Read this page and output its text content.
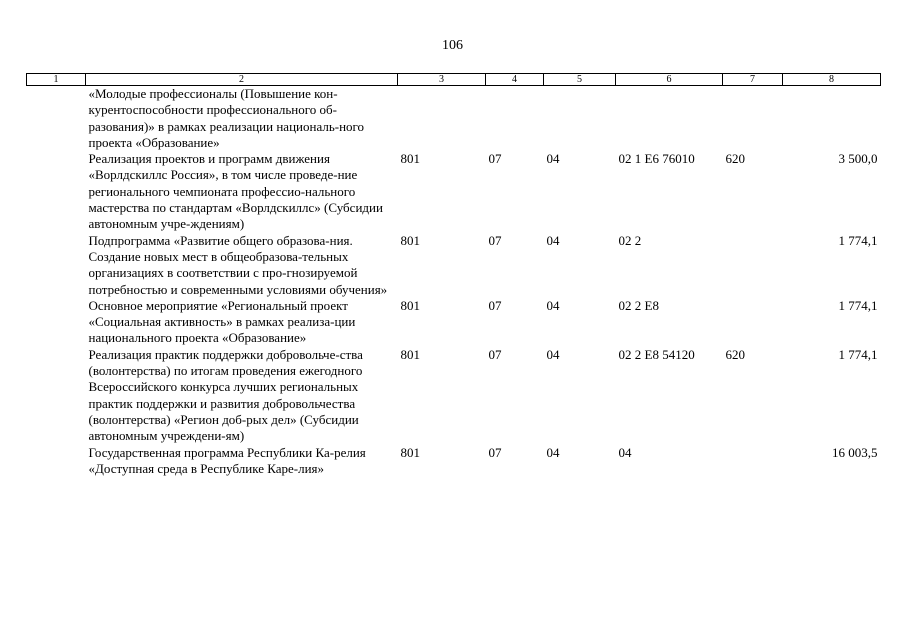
106
1	2	3	4	5	6	7	8
	«Молодые профессионалы (Повышение кон-курентоспособности профессионального об-разования)» в рамках реализации националь-ного проекта «Образование»						
	Реализация проектов и программ движения «Ворлдскиллс Россия», в том числе проведе-ние регионального чемпионата профессио-нального мастерства по стандартам «Ворлдскиллс» (Субсидии автономным учре-ждениям)	801	07	04	02 1 E6 76010	620	3 500,0
	Подпрограмма «Развитие общего образова-ния. Создание новых мест в общеобразова-тельных организациях в соответствии с про-гнозируемой потребностью и современными условиями обучения»	801	07	04	02 2		1 774,1
	Основное мероприятие «Региональный проект «Социальная активность» в рамках реализа-ции национального проекта «Образование»	801	07	04	02 2 E8		1 774,1
	Реализация практик поддержки добровольче-ства (волонтерства) по итогам проведения ежегодного Всероссийского конкурса лучших региональных практик поддержки и развития добровольчества (волонтерства) «Регион доб-рых дел» (Субсидии автономным учреждени-ям)	801	07	04	02 2 E8 54120	620	1 774,1
	Государственная программа Республики Ка-релия «Доступная среда в Республике Каре-лия»	801	07	04	04		16 003,5
